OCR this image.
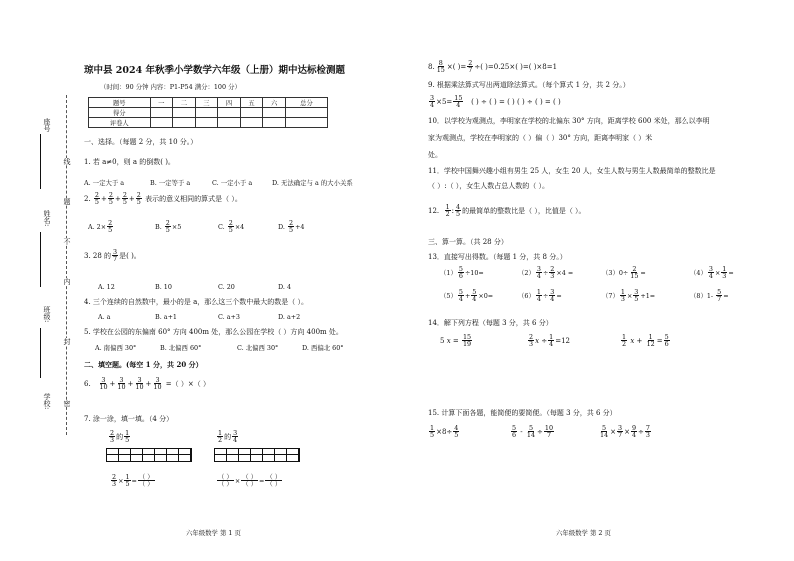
座号
姓名:
班级:
学校:
线
题
不
内
封
密
琼中县 2024 年秋季小学数学六年级（上册）期中达标检测题
（时间：90 分钟 内容：P1-P54 满分：100 分）
题号	一	二	三	四	五	六	总分
得分							
评卷人							
一、选择。（每题 2 分，共 10 分。）
1. 若 a≠0，则 a 的倒数( )。
A. 一定大于 a	B. 一定等于 a	C. 一定小于 a	D. 无法确定与 a 的大小关系
2. $\frac{2}{5} + \frac{2}{5} + \frac{2}{5} + \frac{2}{5}$ 表示的意义相同的算式是（ ）。
A. $2\times \frac{2}{5}$	B. $\frac{2}{5} \times 5$	C. $\frac{2}{5} \times 4$	D. $\frac{2}{5} +4$
3. 28 的 $\frac{3}{7}$ 是( )。
A. 12	B. 10	C. 20	D. 4
4. 三个连续的自然数中，最小的是 a，那么这三个数中最大的数是（ ）。
A. a	B. a+1	C. a+3	D. a+2
5. 学校在公园的东偏南 60° 方向 400m 处，那么公园在学校（ ）方向 400m 处。
A. 南偏西 30°	B. 北偏西 60°	C. 北偏西 30°	D. 西偏北 60°
二、填空题。(每空 1 分，共 20 分）
6. $\frac{3}{10} + \frac{3}{10} + \frac{3}{10} + \frac{3}{10}$ =（ ）×（ ）
7. 涂一涂，填一填。（4 分）
$\frac{2}{3}$ 的 $\frac{1}{5}$
$\frac{2}{3} \times \frac{1}{5} = \frac{( )}{( )}$
$\frac{1}{2}$ 的 $\frac{3}{4}$
$\frac{( )}{( )} \times \frac{( )}{( )} = \frac{( )}{( )}$
六年级数学 第 1 页
8. $\frac{8}{15}$ ×( )= $\frac{2}{7}$ ÷( )=0.25×( )=( )×8=1
9. 根据乘法算式写出两道除法算式。（每个算式 1 分，共 2 分。）
$\frac{3}{4} \times 5= \frac{15}{4}$ ( ) ÷ ( ) = ( ) ( ) ÷ ( ) = ( )
10．以学校为观测点，李明家在学校的北偏东 30° 方向，距离学校 600 米处，那么以李明
家为观测点，学校在李明家的（ ）偏（ ）30° 方向，距离李明家（ ）米
处。
11．学校中国舞兴趣小组有男生 25 人，女生 20 人，女生人数与男生人数最简单的整数比是
（ ）:（ ），女生人数占总人数的（ ）。
12. $\frac{1}{2}$ : $\frac{4}{5}$ 的最简单的整数比是（ ），比值是（ ）。
三、算一算。（共 28 分）
13．直接写出得数。（每题 1 分，共 8 分。）
$(1) \frac{5}{6} \div 10=$	$(2) \frac{3}{4} \div \frac{2}{3} \times 4$ =	$(3)0\div \frac{2}{15}$ =	$(4) \frac{3}{4} \times \frac{1}{3}$ =
$(5) \frac{5}{4} + \frac{5}{4} \times 0=$	$(6) \frac{1}{4} \div \frac{3}{4}$ =	$(7) \frac{1}{3} \times \frac{3}{5} +1=$	$(8)1- \frac{5}{7}$ =
14．解下列方程（每题 3 分，共 6 分）
5 $x = \frac{15}{19}$	$\frac{2}{3}$ $x \div \frac{1}{4} =12$	$\frac{1}{2}$ $x + \frac{1}{12} = \frac{5}{6}$
15. 计算下面各题，能简便的要简便。（每题 3 分，共 6 分）
$\frac{1}{5} \times 8\div \frac{4}{5}$	$\frac{5}{6} - \frac{5}{14} \div \frac{10}{7}$	$\frac{5}{14} \times \frac{3}{7} \times \frac{9}{4} \div \frac{7}{3}$
六年级数学 第 2 页
